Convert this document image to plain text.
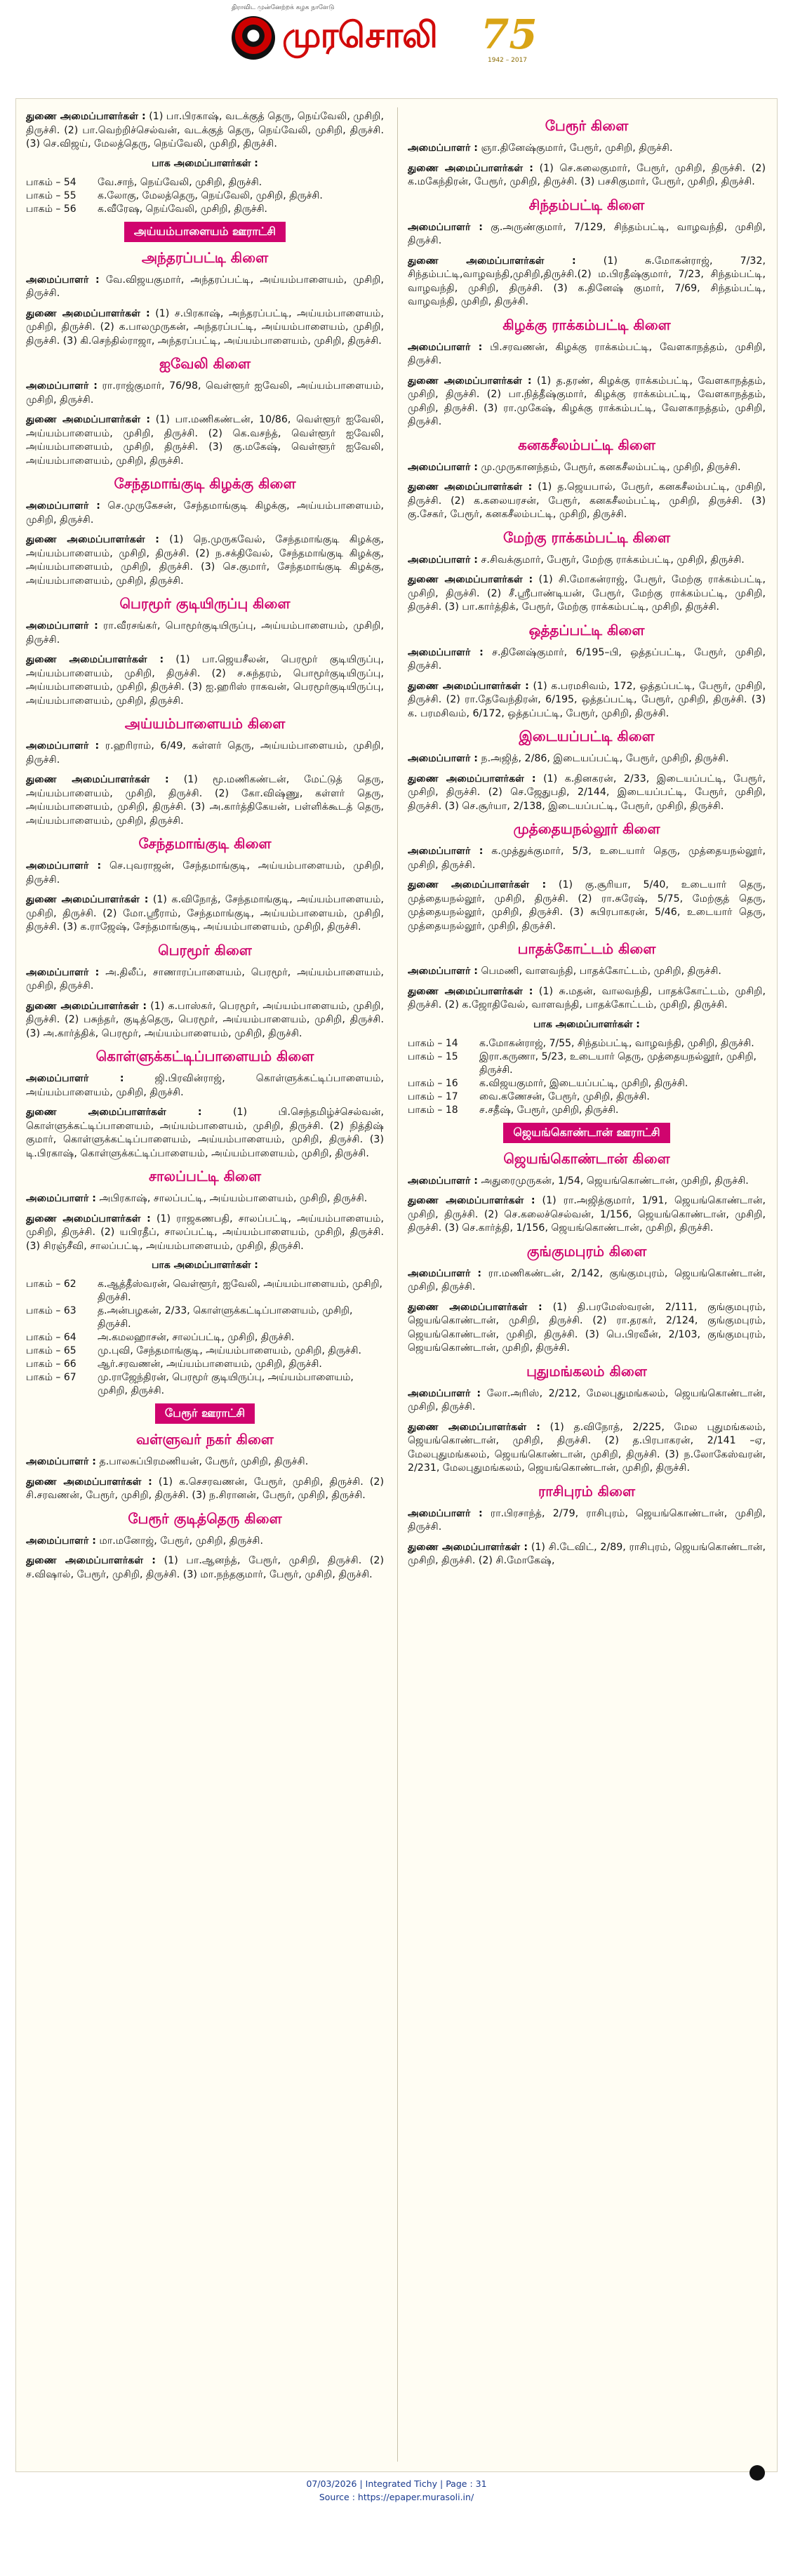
திராவிட முன்னேற்றக் கழக நாளேடு
முரசொலி 75
1942 – 2017
துணை அமைப்பாளர்கள் : (1) பா.பிரகாஷ், வடக்குத் தெரு, நெய்வேலி, முசிறி, திருச்சி. (2) பா.வெற்றிச்செல்வன், வடக்குத் தெரு, நெய்வேலி, முசிறி, திருச்சி. (3) செ.விஜய், மேலத்தெரு, நெய்வேலி, முசிறி, திருச்சி.
பாக அமைப்பாளர்கள் :
பாகம் – 54	வே.சாந், நெய்வேலி, முசிறி, திருச்சி.
பாகம் – 55	க.லோகு, மேலத்தெரு, நெய்வேலி, முசிறி, திருச்சி.
பாகம் – 56	க.வீரேஷ, நெய்வேலி, முசிறி, திருச்சி.
அய்யம்பாளையம் ஊராட்சி
அந்தரப்பட்டி கிளை
அமைப்பாளர் : வே.விஜயகுமார், அந்தரப்பட்டி, அய்யம்பாளையம், முசிறி, திருச்சி.
துணை அமைப்பாளர்கள் : (1) ச.பிரகாஷ், அந்தரப்பட்டி, அய்யம்பாளையம், முசிறி, திருச்சி. (2) க.பாலமுருகன், அந்தரப்பட்டி, அய்யம்பாளையம், முசிறி, திருச்சி. (3) கி.செந்தில்ராஜா, அந்தரப்பட்டி, அய்யம்பாளையம், முசிறி, திருச்சி.
ஐவேலி கிளை
அமைப்பாளர் : ரா.ராஜ்குமார், 76/98, வெள்ளூர் ஐவேலி, அய்யம்பாளையம், முசிறி, திருச்சி.
துணை அமைப்பாளர்கள் : (1) பா.மணிகண்டன், 10/86, வெள்ளூர் ஐவேலி, அய்யம்பாளையம், முசிறி, திருச்சி. (2) கெ.வசந்த், வெள்ளூர் ஐவேலி, அய்யம்பாளையம், முசிறி, திருச்சி. (3) கு.மகேஷ், வெள்ளூர் ஐவேலி, அய்யம்பாளையம், முசிறி, திருச்சி.
சேந்தமாங்குடி கிழக்கு கிளை
அமைப்பாளர் : செ.முருகேசன், சேந்தமாங்குடி கிழக்கு, அய்யம்பாளையம், முசிறி, திருச்சி.
துணை அமைப்பாளர்கள் : (1) நெ.முருகவேல், சேந்தமாங்குடி கிழக்கு, அய்யம்பாளையம், முசிறி, திருச்சி. (2) ந.சக்திவேல், சேந்தமாங்குடி கிழக்கு, அய்யம்பாளையம், முசிறி, திருச்சி. (3) செ.குமார், சேந்தமாங்குடி கிழக்கு, அய்யம்பாளையம், முசிறி, திருச்சி.
பெரமூர் குடியிருப்பு கிளை
அமைப்பாளர் : ரா.வீரசங்கர், பொமூர்குடியிருப்பு, அய்யம்பாளையம், முசிறி, திருச்சி.
துணை அமைப்பாளர்கள் : (1) பா.ஜெயசீலன், பெரமூர் குடியிருப்பு, அய்யம்பாளையம், முசிறி, திருச்சி. (2) ச.சுந்தரம், பொமூர்குடியிருப்பு, அய்யம்பாளையம், முசிறி, திருச்சி. (3) ஐ.ஹரிஸ் ராகவன், பெரமூர்குடியிருப்பு, அய்யம்பாளையம், முசிறி, திருச்சி.
அய்யம்பாளையம் கிளை
அமைப்பாளர் : ர.ஹரிராம், 6/49, கள்ளர் தெரு, அய்யம்பாளையம், முசிறி, திருச்சி.
துணை அமைப்பாளர்கள் : (1) மூ.மணிகண்டன், மேட்டுத் தெரு, அய்யம்பாளையம், முசிறி, திருச்சி. (2) கோ.விஷ்ணு, கள்ளர் தெரு, அய்யம்பாளையம், முசிறி, திருச்சி. (3) அ.கார்த்திகேயன், பள்ளிக்கூடத் தெரு, அய்யம்பாளையம், முசிறி, திருச்சி.
சேந்தமாங்குடி கிளை
அமைப்பாளர் : செ.புவராஜன், சேந்தமாங்குடி, அய்யம்பாளையம், முசிறி, திருச்சி.
துணை அமைப்பாளர்கள் : (1) க.விநோத், சேந்தமாங்குடி, அய்யம்பாளையம், முசிறி, திருச்சி. (2) மோ.ஸ்ரீராம், சேந்தமாங்குடி, அய்யம்பாளையம், முசிறி, திருச்சி. (3) க.ராஜேஷ், சேந்தமாங்குடி, அய்யம்பாளையம், முசிறி, திருச்சி.
பெரமூர் கிளை
அமைப்பாளர் : அ.திலீப், சாணாரப்பாளையம், பெரமூர், அய்யம்பாளையம், முசிறி, திருச்சி.
துணை அமைப்பாளர்கள் : (1) க.பாஸ்கர், பெரமூர், அய்யம்பாளையம், முசிறி, திருச்சி. (2) பசுந்தர், குடித்தெரு, பெரமூர், அய்யம்பாளையம், முசிறி, திருச்சி. (3) அ.கார்த்திக், பெரமூர், அய்யம்பாளையம், முசிறி, திருச்சி.
கொள்ளுக்கட்டிப்பாளையம் கிளை
அமைப்பாளர் : ஜி.பிரவின்ராஜ், கொள்ளுக்கட்டிப்பாளையம், அய்யம்பாளையம், முசிறி, திருச்சி.
துணை அமைப்பாளர்கள் : (1) பி.செந்தமிழ்ச்செல்வன், கொள்ளுக்கட்டிப்பாளையம், அய்யம்பாளையம், முசிறி, திருச்சி. (2) நித்திஷ் குமார், கொள்ளுக்கட்டிப்பாளையம், அய்யம்பாளையம், முசிறி, திருச்சி. (3) டி.பிரகாஷ், கொள்ளுக்கட்டிப்பாளையம், அய்யம்பாளையம், முசிறி, திருச்சி.
சாலப்பட்டி கிளை
அமைப்பாளர் : அபிரகாஷ், சாலப்பட்டி, அய்யம்பாளையம், முசிறி, திருச்சி.
துணை அமைப்பாளர்கள் : (1) ராஜகணபதி, சாலப்பட்டி, அய்யம்பாளையம், முசிறி, திருச்சி. (2) யபிரதீப், சாலப்பட்டி, அய்யம்பாளையம், முசிறி, திருச்சி. (3) சிரஞ்சீவி, சாலப்பட்டி, அய்யம்பாளையம், முசிறி, திருச்சி.
பாக அமைப்பாளர்கள் :
பாகம் – 62	க.ஆத்தீஸ்வரன், வெள்ளூர், ஐவேலி, அய்யம்பாளையம், முசிறி, திருச்சி.
பாகம் – 63	த.அன்பழகன், 2/33, கொள்ளுக்கட்டிப்பாளையம், முசிறி, திருச்சி.
பாகம் – 64	அ.கமலஹாசன், சாலப்பட்டி, முசிறி, திருச்சி.
பாகம் – 65	மு.புவி, சேந்தமாங்குடி, அய்யம்பாளையம், முசிறி, திருச்சி.
பாகம் – 66	ஆர்.சரவணன், அய்யம்பாளையம், முசிறி, திருச்சி.
பாகம் – 67	மு.ராஜேந்திரன், பெரமூர் குடியிருப்பு, அய்யம்பாளையம், முசிறி, திருச்சி.
பேரூர் ஊராட்சி
வள்ளுவர் நகர் கிளை
அமைப்பாளர் : த.பாலசுப்பிரமணியன், பேரூர், முசிறி, திருச்சி.
துணை அமைப்பாளர்கள் : (1) க.செசரவணன், பேரூர், முசிறி, திருச்சி. (2) சி.சரவணன், பேரூர், முசிறி, திருச்சி. (3) ந.சிரானன், பேரூர், முசிறி, திருச்சி.
பேரூர் குடித்தெரு கிளை
அமைப்பாளர் : மா.மனோஜ், பேரூர், முசிறி, திருச்சி.
துணை அமைப்பாளர்கள் : (1) பா.ஆனந்த், பேரூர், முசிறி, திருச்சி. (2) ச.விஷால், பேரூர், முசிறி, திருச்சி. (3) மா.நந்தகுமார், பேரூர், முசிறி, திருச்சி.
பேரூர் கிளை
அமைப்பாளர் : ஞா.தினேஷ்குமார், பேரூர், முசிறி, திருச்சி.
துணை அமைப்பாளர்கள் : (1) செ.கலைகுமார், பேரூர், முசிறி, திருச்சி. (2) க.மகேந்திரன், பேரூர், முசிறி, திருச்சி. (3) பசசிகுமார், பேரூர், முசிறி, திருச்சி.
சிந்தம்பட்டி கிளை
அமைப்பாளர் : கு.அருண்குமார், 7/129, சிந்தம்பட்டி, வாழவந்தி, முசிறி, திருச்சி.
துணை அமைப்பாளர்கள் : (1) சு.மோகன்ராஜ், 7/32, சிந்தம்பட்டி,வாழவந்தி,முசிறி,திருச்சி.(2) ம.பிரதீஷ்குமார், 7/23, சிந்தம்பட்டி, வாழவந்தி, முசிறி, திருச்சி. (3) க.தினேஷ் குமார், 7/69, சிந்தம்பட்டி, வாழவந்தி, முசிறி, திருச்சி.
கிழக்கு ராக்கம்பட்டி கிளை
அமைப்பாளர் : பி.சரவணன், கிழக்கு ராக்கம்பட்டி, வேளகாநத்தம், முசிறி, திருச்சி.
துணை அமைப்பாளர்கள் : (1) த.தரண், கிழக்கு ராக்கம்பட்டி, வேளகாநத்தம், முசிறி, திருச்சி. (2) பா.நித்தீஷ்குமார், கிழக்கு ராக்கம்பட்டி, வேளகாநத்தம், முசிறி, திருச்சி. (3) ரா.முகேஷ், கிழக்கு ராக்கம்பட்டி, வேளகாநத்தம், முசிறி, திருச்சி.
கனகசீலம்பட்டி கிளை
அமைப்பாளர் : மு.முருகானந்தம், பேரூர், கனகசீலம்பட்டி, முசிறி, திருச்சி.
துணை அமைப்பாளர்கள் : (1) த.ஜெயபால், பேரூர், கனகசீலம்பட்டி, முசிறி, திருச்சி. (2) க.கலையரசன், பேரூர், கனகசீலம்பட்டி, முசிறி, திருச்சி. (3) கு.சேகர், பேரூர், கனகசீலம்பட்டி, முசிறி, திருச்சி.
மேற்கு ராக்கம்பட்டி கிளை
அமைப்பாளர் : ச.சிவக்குமார், பேரூர், மேற்கு ராக்கம்பட்டி, முசிறி, திருச்சி.
துணை அமைப்பாளர்கள் : (1) சி.மோகன்ராஜ், பேரூர், மேற்கு ராக்கம்பட்டி, முசிறி, திருச்சி. (2) சீ.ஸ்ரீபாண்டியன், பேரூர், மேற்கு ராக்கம்பட்டி, முசிறி, திருச்சி. (3) பா.கார்த்திக், பேரூர், மேற்கு ராக்கம்பட்டி, முசிறி, திருச்சி.
ஒத்தப்பட்டி கிளை
அமைப்பாளர் : ச.தினேஷ்குமார், 6/195–பி, ஒத்தப்பட்டி, பேரூர், முசிறி, திருச்சி.
துணை அமைப்பாளர்கள் : (1) க.பரமசிவம், 172, ஒத்தப்பட்டி, பேரூர், முசிறி, திருச்சி. (2) ரா.தேவேந்திரன், 6/195, ஒத்தப்பட்டி, பேரூர், முசிறி, திருச்சி. (3) க. பரமசிவம், 6/172, ஒத்தப்பட்டி, பேரூர், முசிறி, திருச்சி.
இடையப்பட்டி கிளை
அமைப்பாளர் : ந.அஜித், 2/86, இடையப்பட்டி, பேரூர், முசிறி, திருச்சி.
துணை அமைப்பாளர்கள் : (1) க.தினகரன், 2/33, இடையப்பட்டி, பேரூர், முசிறி, திருச்சி. (2) செ.ஜேதுபதி, 2/144, இடையப்பட்டி, பேரூர், முசிறி, திருச்சி. (3) செ.சூர்யா, 2/138, இடையப்பட்டி, பேரூர், முசிறி, திருச்சி.
முத்தையநல்லூர் கிளை
அமைப்பாளர் : க.முத்துக்குமார், 5/3, உடையார் தெரு, முத்தையநல்லூர், முசிறி, திருச்சி.
துணை அமைப்பாளர்கள் : (1) கு.சூரியா, 5/40, உடையார் தெரு, முத்தையநல்லூர், முசிறி, திருச்சி. (2) ரா.சுரேஷ், 5/75, மேற்குத் தெரு, முத்தையநல்லூர், முசிறி, திருச்சி. (3) சுபிரபாகரன், 5/46, உடையார் தெரு, முத்தையநல்லூர், முசிறி, திருச்சி.
பாதக்கோட்டம் கிளை
அமைப்பாளர் : பெமணி, வாளவந்தி, பாதக்கோட்டம், முசிறி, திருச்சி.
துணை அமைப்பாளர்கள் : (1) சு.மதன், வாலவந்தி, பாதக்கோட்டம், முசிறி, திருச்சி. (2) க.ஜோதிவேல், வாளவந்தி, பாதக்கோட்டம், முசிறி, திருச்சி.
பாக அமைப்பாளர்கள் :
பாகம் – 14	க.மோகன்ராஜ், 7/55, சிந்தம்பட்டி, வாழவந்தி, முசிறி, திருச்சி.
பாகம் – 15	இரா.கருணா, 5/23, உடையார் தெரு, முத்தையநல்லூர், முசிறி, திருச்சி.
பாகம் – 16	க.விஜயகுமார், இடையப்பட்டி, முசிறி, திருச்சி.
பாகம் – 17	வை.கணேசன், பேரூர், முசிறி, திருச்சி.
பாகம் – 18	ச.சதீஷ், பேரூர், முசிறி, திருச்சி.
ஜெயங்கொண்டான் ஊராட்சி
ஜெயங்கொண்டான் கிளை
அமைப்பாளர் : அதுரைமுருகன், 1/54, ஜெயங்கொண்டான், முசிறி, திருச்சி.
துணை அமைப்பாளர்கள் : (1) ரா.அஜித்குமார், 1/91, ஜெயங்கொண்டான், முசிறி, திருச்சி. (2) செ.கலைச்செல்வன், 1/156, ஜெயங்கொண்டான், முசிறி, திருச்சி. (3) செ.கார்த்தி, 1/156, ஜெயங்கொண்டான், முசிறி, திருச்சி.
குங்குமபுரம் கிளை
அமைப்பாளர் : ரா.மணிகண்டன், 2/142, குங்குமபுரம், ஜெயங்கொண்டான், முசிறி, திருச்சி.
துணை அமைப்பாளர்கள் : (1) தி.பரமேஸ்வரன், 2/111, குங்குமபுரம், ஜெயங்கொண்டான், முசிறி, திருச்சி. (2) ரா.தரகர், 2/124, குங்குமபுரம், ஜெயங்கொண்டான், முசிறி, திருச்சி. (3) பெ.பிரவீன், 2/103, குங்குமபுரம், ஜெயங்கொண்டான், முசிறி, திருச்சி.
புதுமங்கலம் கிளை
அமைப்பாளர் : லோ.அரிஸ், 2/212, மேலபுதுமங்கலம், ஜெயங்கொண்டான், முசிறி, திருச்சி.
துணை அமைப்பாளர்கள் : (1) த.விநோத், 2/225, மேல புதுமங்கலம், ஜெயங்கொண்டான், முசிறி, திருச்சி. (2) த.பிரபாகரன், 2/141 –ஏ, மேலபுதுமங்கலம், ஜெயங்கொண்டான், முசிறி, திருச்சி. (3) ந.லோகேஸ்வரன், 2/231, மேலபுதுமங்கலம், ஜெயங்கொண்டான், முசிறி, திருச்சி.
ராசிபுரம் கிளை
அமைப்பாளர் : ரா.பிரசாந்த், 2/79, ராசிபுரம், ஜெயங்கொண்டான், முசிறி, திருச்சி.
துணை அமைப்பாளர்கள் : (1) சி.டேவிட், 2/89, ராசிபுரம், ஜெயங்கொண்டான், முசிறி, திருச்சி. (2) சி.மோகேஷ்,
07/03/2026 | Integrated Tichy | Page : 31
Source : https://epaper.murasoli.in/
